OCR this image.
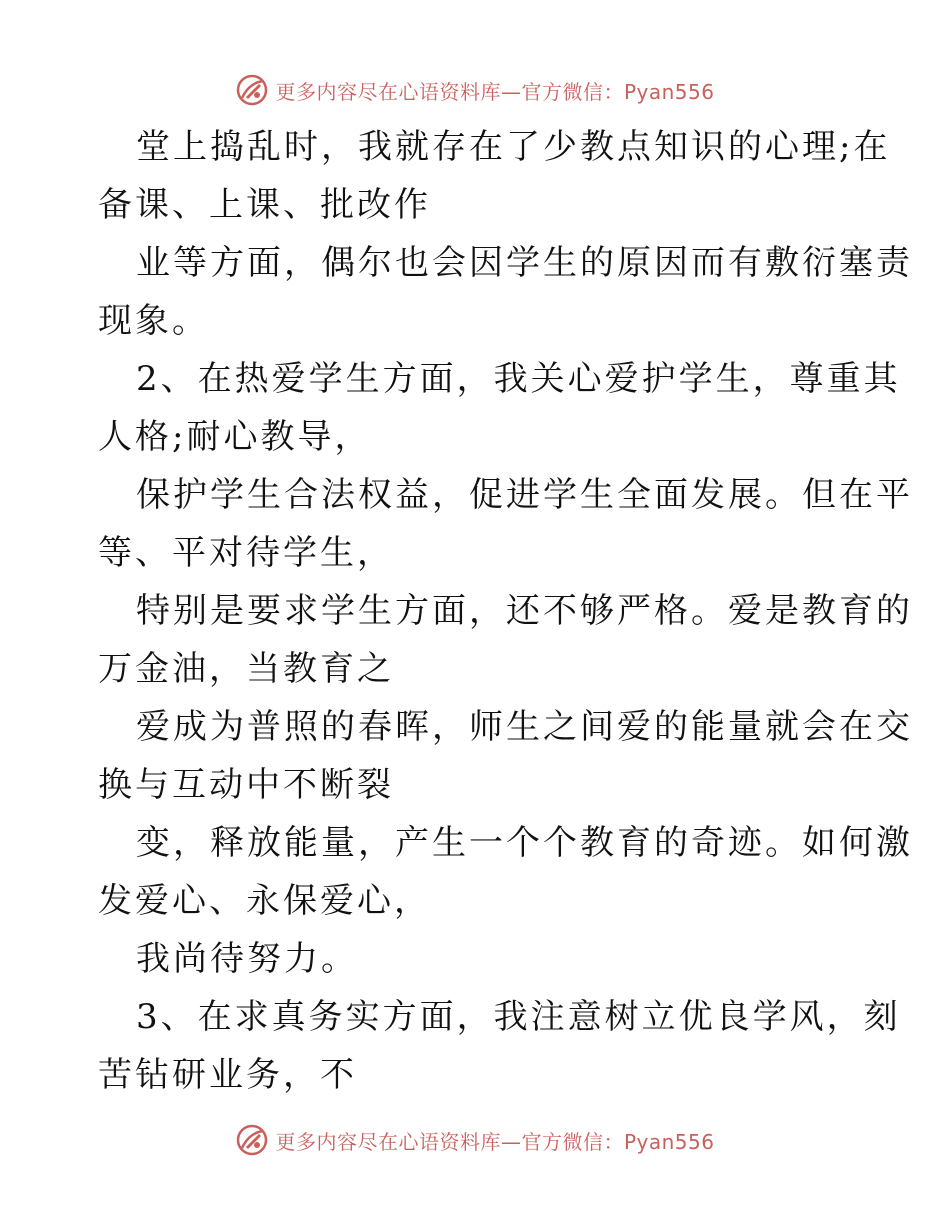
更多内容尽在心语资料库—官方微信：Pyan556

堂上捣乱时，我就存在了少教点知识的心理;在

备课、上课、批改作

业等方面，偶尔也会因学生的原因而有敷衍塞责

现象。

2、在热爱学生方面，我关心爱护学生，尊重其

人格;耐心教导，

保护学生合法权益，促进学生全面发展。但在平

等、平对待学生，

特别是要求学生方面，还不够严格。爱是教育的

万金油，当教育之

爱成为普照的春晖，师生之间爱的能量就会在交

换与互动中不断裂

变，释放能量，产生一个个教育的奇迹。如何激

发爱心、永保爱心，

我尚待努力。

3、在求真务实方面，我注意树立优良学风，刻

苦钻研业务，不

更多内容尽在心语资料库—官方微信：Pyan556
